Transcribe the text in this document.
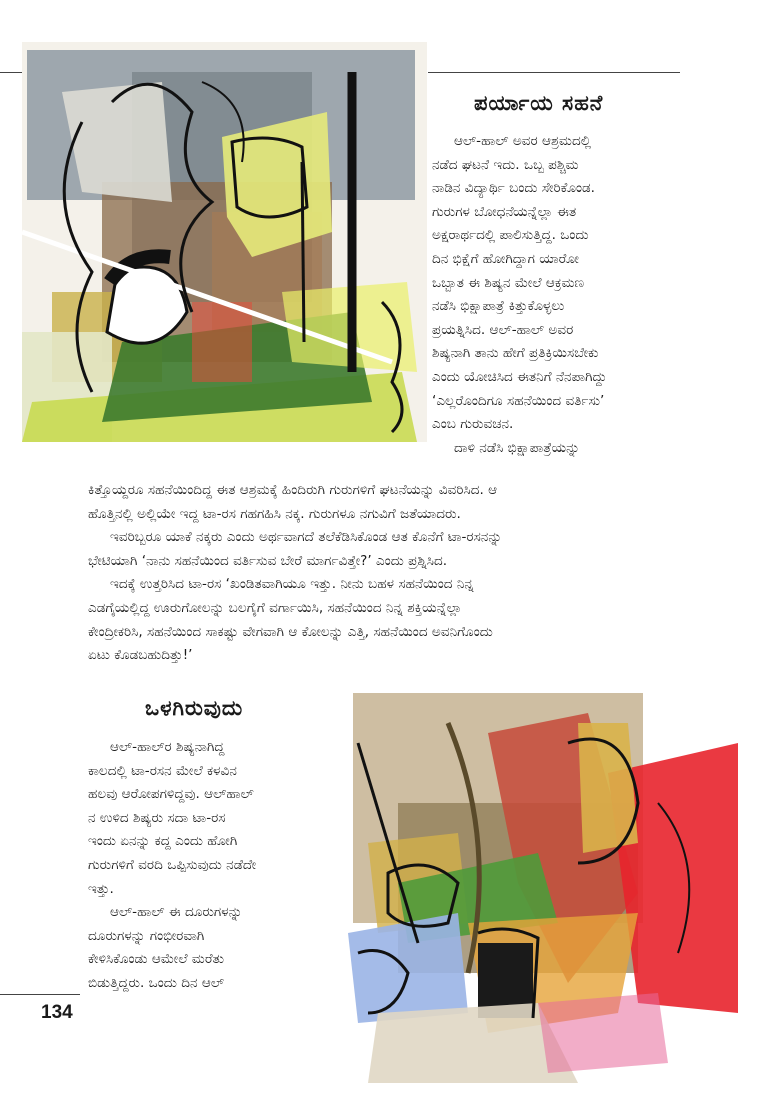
ಪರ್ಯಾಯ ಸಹನೆ

ಆಲ್-ಹಾಲ್ ಅವರ ಆಶ್ರಮದಲ್ಲಿ

ನಡೆದ ಘಟನೆ ಇದು. ಒಬ್ಬ ಪಶ್ಚಿಮ

ನಾಡಿನ ವಿದ್ಯಾರ್ಥಿ ಬಂದು ಸೇರಿಕೊಂಡ.

ಗುರುಗಳ ಬೋಧನೆಯನ್ನೆಲ್ಲಾ ಈತ

ಅಕ್ಷರಾರ್ಥದಲ್ಲಿ ಪಾಲಿಸುತ್ತಿದ್ದ. ಒಂದು

ದಿನ ಭಿಕ್ಷೆಗೆ ಹೋಗಿದ್ದಾಗ ಯಾರೋ

ಒಬ್ಬಾತ ಈ ಶಿಷ್ಯನ ಮೇಲೆ ಆಕ್ರಮಣ

ನಡೆಸಿ ಭಿಕ್ಷಾಪಾತ್ರೆ ಕಿತ್ತುಕೊಳ್ಳಲು

ಪ್ರಯತ್ನಿಸಿದ. ಆಲ್-ಹಾಲ್ ಅವರ

ಶಿಷ್ಯನಾಗಿ ತಾನು ಹೇಗೆ ಪ್ರತಿಕ್ರಿಯಿಸಬೇಕು

ಎಂದು ಯೋಚಿಸಿದ ಈತನಿಗೆ ನೆನಪಾಗಿದ್ದು

‘ಎಲ್ಲರೊಂದಿಗೂ ಸಹನೆಯಿಂದ ವರ್ತಿಸು’

ಎಂಬ ಗುರುವಚನ.

ದಾಳಿ ನಡೆಸಿ ಭಿಕ್ಷಾಪಾತ್ರೆಯನ್ನು

ಕಿತ್ತೊಯ್ದರೂ ಸಹನೆಯಿಂದಿದ್ದ ಈತ ಆಶ್ರಮಕ್ಕೆ ಹಿಂದಿರುಗಿ ಗುರುಗಳಿಗೆ ಘಟನೆಯನ್ನು ವಿವರಿಸಿದ. ಆ

ಹೊತ್ತಿನಲ್ಲಿ ಅಲ್ಲಿಯೇ ಇದ್ದ ಟಾ-ರಸ ಗಹಗಹಿಸಿ ನಕ್ಕ. ಗುರುಗಳೂ ನಗುವಿಗೆ ಜತೆಯಾದರು.

ಇವರಿಬ್ಬರೂ ಯಾಕೆ ನಕ್ಕರು ಎಂದು ಅರ್ಥವಾಗದೆ ತಲೆಕೆಡಿಸಿಕೊಂಡ ಆತ ಕೊನೆಗೆ ಟಾ-ರಸನನ್ನು

ಭೇಟಿಯಾಗಿ ‘ನಾನು ಸಹನೆಯಿಂದ ವರ್ತಿಸುವ ಬೇರೆ ಮಾರ್ಗವಿತ್ತೇ?’ ಎಂದು ಪ್ರಶ್ನಿಸಿದ.

ಇದಕ್ಕೆ ಉತ್ತರಿಸಿದ ಟಾ-ರಸ ‘ಖಂಡಿತವಾಗಿಯೂ ಇತ್ತು. ನೀನು ಬಹಳ ಸಹನೆಯಿಂದ ನಿನ್ನ

ಎಡಗೈಯಲ್ಲಿದ್ದ ಊರುಗೋಲನ್ನು ಬಲಗೈಗೆ ವರ್ಗಾಯಿಸಿ, ಸಹನೆಯಿಂದ ನಿನ್ನ ಶಕ್ತಿಯನ್ನೆಲ್ಲಾ

ಕೇಂದ್ರೀಕರಿಸಿ, ಸಹನೆಯಿಂದ ಸಾಕಷ್ಟು ವೇಗವಾಗಿ ಆ ಕೋಲನ್ನು ಎತ್ತಿ, ಸಹನೆಯಿಂದ ಅವನಿಗೊಂದು

ಏಟು ಕೊಡಬಹುದಿತ್ತು!’

ಒಳಗಿರುವುದು

ಆಲ್-ಹಾಲ್‌ರ ಶಿಷ್ಯನಾಗಿದ್ದ

ಕಾಲದಲ್ಲಿ ಟಾ-ರಸನ ಮೇಲೆ ಕಳವಿನ

ಹಲವು ಆರೋಪಗಳಿದ್ದವು. ಆಲ್‌ಹಾಲ್

ನ ಉಳಿದ ಶಿಷ್ಯರು ಸದಾ ಟಾ-ರಸ

ಇಂದು ಏನನ್ನು ಕದ್ದ ಎಂದು ಹೋಗಿ

ಗುರುಗಳಿಗೆ ವರದಿ ಒಪ್ಪಿಸುವುದು ನಡೆದೇ

ಇತ್ತು.

ಆಲ್-ಹಾಲ್ ಈ ದೂರುಗಳನ್ನು

ದೂರುಗಳನ್ನು ಗಂಭೀರವಾಗಿ

ಕೇಳಿಸಿಕೊಂಡು ಆಮೇಲೆ ಮರೆತು

ಬಿಡುತ್ತಿದ್ದರು. ಒಂದು ದಿನ ಆಲ್

134
